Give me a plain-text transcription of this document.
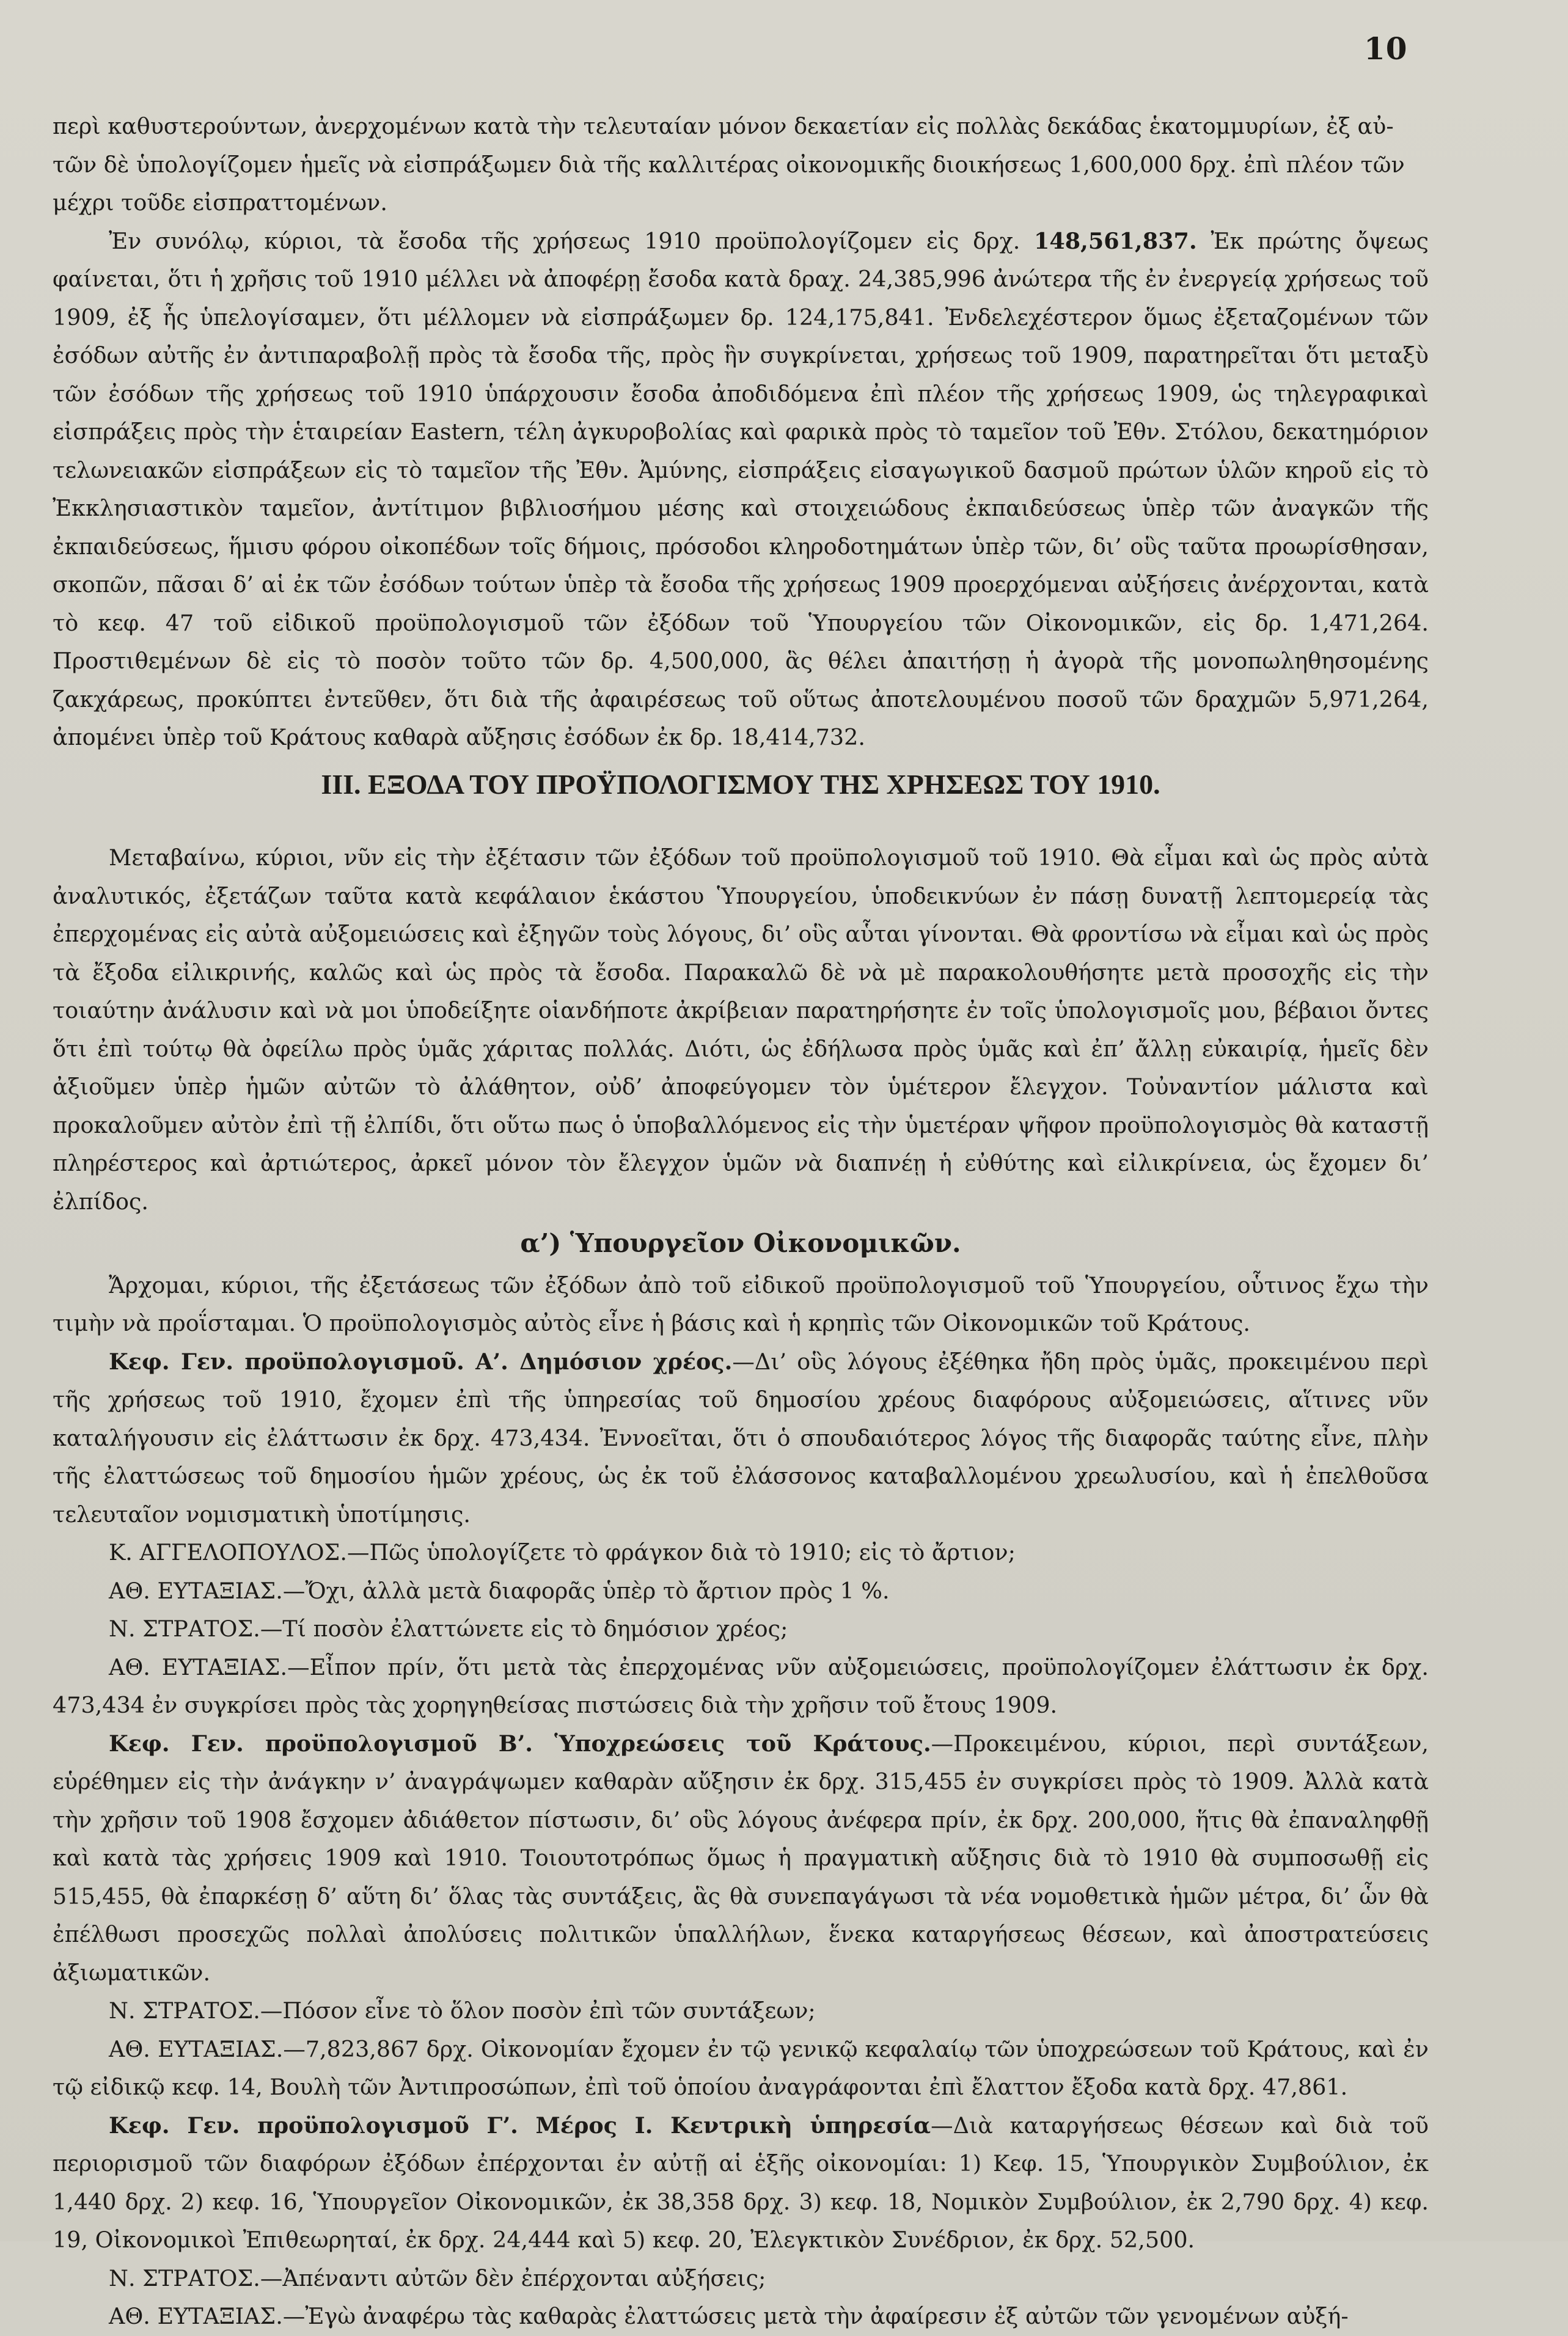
10

περὶ καθυστερούντων, ἀνερχομένων κατὰ τὴν τελευταίαν μόνον δεκαετίαν εἰς πολλὰς δεκάδας ἑκατομμυρίων, ἐξ αὐ-

τῶν δὲ ὑπολογίζομεν ἡμεῖς νὰ εἰσπράξωμεν διὰ τῆς καλλιτέρας οἰκονομικῆς διοικήσεως 1,600,000 δρχ. ἐπὶ πλέον τῶν

μέχρι τοῦδε εἰσπραττομένων.

Ἐν συνόλῳ, κύριοι, τὰ ἔσοδα τῆς χρήσεως 1910 προϋπολογίζομεν εἰς δρχ. 148,561,837. Ἐκ πρώτης ὄψεως φαίνεται, ὅτι ἡ χρῆσις τοῦ 1910 μέλλει νὰ ἀποφέρῃ ἔσοδα κατὰ δραχ. 24,385,996 ἀνώτερα τῆς ἐν ἐνεργείᾳ χρήσεως τοῦ 1909, ἐξ ἧς ὑπελογίσαμεν, ὅτι μέλλομεν νὰ εἰσπράξωμεν δρ. 124,175,841. Ἐνδελεχέστερον ὅμως ἐξεταζομένων τῶν ἐσόδων αὐτῆς ἐν ἀντιπαραβολῇ πρὸς τὰ ἔσοδα τῆς, πρὸς ἣν συγκρίνεται, χρήσεως τοῦ 1909, παρατηρεῖται ὅτι μεταξὺ τῶν ἐσόδων τῆς χρήσεως τοῦ 1910 ὑπάρχουσιν ἔσοδα ἀποδιδόμενα ἐπὶ πλέον τῆς χρήσεως 1909, ὡς τηλεγραφικαὶ εἰσπράξεις πρὸς τὴν ἑταιρείαν Eastern, τέλη ἀγκυροβολίας καὶ φαρικὰ πρὸς τὸ ταμεῖον τοῦ Ἐθν. Στόλου, δεκατημόριον τελωνειακῶν εἰσπράξεων εἰς τὸ ταμεῖον τῆς Ἐθν. Ἀμύνης, εἰσπράξεις εἰσαγωγικοῦ δασμοῦ πρώτων ὑλῶν κηροῦ εἰς τὸ Ἐκκλησιαστικὸν ταμεῖον, ἀντίτιμον βιβλιοσήμου μέσης καὶ στοιχειώδους ἐκπαιδεύσεως ὑπὲρ τῶν ἀναγκῶν τῆς ἐκπαιδεύσεως, ἥμισυ φόρου οἰκοπέδων τοῖς δήμοις, πρόσοδοι κληροδοτημάτων ὑπὲρ τῶν, δι’ οὓς ταῦτα προωρίσθησαν, σκοπῶν, πᾶσαι δ’ αἱ ἐκ τῶν ἐσόδων τούτων ὑπὲρ τὰ ἔσοδα τῆς χρήσεως 1909 προερχόμεναι αὐξήσεις ἀνέρχονται, κατὰ τὸ κεφ. 47 τοῦ εἰδικοῦ προϋπολογισμοῦ τῶν ἐξόδων τοῦ Ὑπουργείου τῶν Οἰκονομικῶν, εἰς δρ. 1,471,264. Προστιθεμένων δὲ εἰς τὸ ποσὸν τοῦτο τῶν δρ. 4,500,000, ἃς θέλει ἀπαιτήσῃ ἡ ἀγορὰ τῆς μονοπωληθησομένης ζακχάρεως, προκύπτει ἐντεῦθεν, ὅτι διὰ τῆς ἀφαιρέσεως τοῦ οὕτως ἀποτελουμένου ποσοῦ τῶν δραχμῶν 5,971,264, ἀπομένει ὑπὲρ τοῦ Κράτους καθαρὰ αὔξησις ἐσόδων ἐκ δρ. 18,414,732.

ΙΙΙ. ΕΞΟΔΑ ΤΟΥ ΠΡΟΫΠΟΛΟΓΙΣΜΟΥ ΤΗΣ ΧΡΗΣΕΩΣ ΤΟΥ 1910.

Μεταβαίνω, κύριοι, νῦν εἰς τὴν ἐξέτασιν τῶν ἐξόδων τοῦ προϋπολογισμοῦ τοῦ 1910. Θὰ εἶμαι καὶ ὡς πρὸς αὐτὰ ἀναλυτικός, ἐξετάζων ταῦτα κατὰ κεφάλαιον ἑκάστου Ὑπουργείου, ὑποδεικνύων ἐν πάσῃ δυνατῇ λεπτομερείᾳ τὰς ἐπερχομένας εἰς αὐτὰ αὐξομειώσεις καὶ ἐξηγῶν τοὺς λόγους, δι’ οὓς αὗται γίνονται. Θὰ φροντίσω νὰ εἶμαι καὶ ὡς πρὸς τὰ ἔξοδα εἰλικρινής, καλῶς καὶ ὡς πρὸς τὰ ἔσοδα. Παρακαλῶ δὲ νὰ μὲ παρακολουθήσητε μετὰ προσοχῆς εἰς τὴν τοιαύτην ἀνάλυσιν καὶ νὰ μοι ὑποδείξητε οἱανδήποτε ἀκρίβειαν παρατηρήσητε ἐν τοῖς ὑπολογισμοῖς μου, βέβαιοι ὄντες ὅτι ἐπὶ τούτῳ θὰ ὀφείλω πρὸς ὑμᾶς χάριτας πολλάς. Διότι, ὡς ἐδήλωσα πρὸς ὑμᾶς καὶ ἐπ’ ἄλλῃ εὐκαιρίᾳ, ἡμεῖς δὲν ἀξιοῦμεν ὑπὲρ ἡμῶν αὐτῶν τὸ ἀλάθητον, οὐδ’ ἀποφεύγομεν τὸν ὑμέτερον ἔλεγχον. Τοὐναντίον μάλιστα καὶ προκαλοῦμεν αὐτὸν ἐπὶ τῇ ἐλπίδι, ὅτι οὕτω πως ὁ ὑποβαλλόμενος εἰς τὴν ὑμετέραν ψῆφον προϋπολογισμὸς θὰ καταστῇ πληρέστερος καὶ ἀρτιώτερος, ἀρκεῖ μόνον τὸν ἔλεγχον ὑμῶν νὰ διαπνέῃ ἡ εὐθύτης καὶ εἰλικρίνεια, ὡς ἔχομεν δι’ ἐλπίδος.

α’) Ὑπουργεῖον Οἰκονομικῶν.

Ἄρχομαι, κύριοι, τῆς ἐξετάσεως τῶν ἐξόδων ἀπὸ τοῦ εἰδικοῦ προϋπολογισμοῦ τοῦ Ὑπουργείου, οὗτινος ἔχω τὴν τιμὴν νὰ προΐσταμαι. Ὁ προϋπολογισμὸς αὐτὸς εἶνε ἡ βάσις καὶ ἡ κρηπὶς τῶν Οἰκονομικῶν τοῦ Κράτους.

Κεφ. Γεν. προϋπολογισμοῦ. Α’. Δημόσιον χρέος.—Δι’ οὓς λόγους ἐξέθηκα ἤδη πρὸς ὑμᾶς, προκειμένου περὶ τῆς χρήσεως τοῦ 1910, ἔχομεν ἐπὶ τῆς ὑπηρεσίας τοῦ δημοσίου χρέους διαφόρους αὐξομειώσεις, αἵτινες νῦν καταλήγουσιν εἰς ἐλάττωσιν ἐκ δρχ. 473,434. Ἐννοεῖται, ὅτι ὁ σπουδαιότερος λόγος τῆς διαφορᾶς ταύτης εἶνε, πλὴν τῆς ἐλαττώσεως τοῦ δημοσίου ἡμῶν χρέους, ὡς ἐκ τοῦ ἐλάσσονος καταβαλλομένου χρεωλυσίου, καὶ ἡ ἐπελθοῦσα τελευταῖον νομισματικὴ ὑποτίμησις.

Κ. ΑΓΓΕΛΟΠΟΥΛΟΣ.—Πῶς ὑπολογίζετε τὸ φράγκον διὰ τὸ 1910; εἰς τὸ ἄρτιον;

ΑΘ. ΕΥΤΑΞΙΑΣ.—Ὄχι, ἀλλὰ μετὰ διαφορᾶς ὑπὲρ τὸ ἄρτιον πρὸς 1 %.

Ν. ΣΤΡΑΤΟΣ.—Τί ποσὸν ἐλαττώνετε εἰς τὸ δημόσιον χρέος;

ΑΘ. ΕΥΤΑΞΙΑΣ.—Εἶπον πρίν, ὅτι μετὰ τὰς ἐπερχομένας νῦν αὐξομειώσεις, προϋπολογίζομεν ἐλάττωσιν ἐκ δρχ. 473,434 ἐν συγκρίσει πρὸς τὰς χορηγηθείσας πιστώσεις διὰ τὴν χρῆσιν τοῦ ἔτους 1909.

Κεφ. Γεν. προϋπολογισμοῦ Β’. Ὑποχρεώσεις τοῦ Κράτους.—Προκειμένου, κύριοι, περὶ συντάξεων, εὑρέθημεν εἰς τὴν ἀνάγκην ν’ ἀναγράψωμεν καθαρὰν αὔξησιν ἐκ δρχ. 315,455 ἐν συγκρίσει πρὸς τὸ 1909. Ἀλλὰ κατὰ τὴν χρῆσιν τοῦ 1908 ἔσχομεν ἀδιάθετον πίστωσιν, δι’ οὓς λόγους ἀνέφερα πρίν, ἐκ δρχ. 200,000, ἥτις θὰ ἐπαναληφθῇ καὶ κατὰ τὰς χρήσεις 1909 καὶ 1910. Τοιουτοτρόπως ὅμως ἡ πραγματικὴ αὔξησις διὰ τὸ 1910 θὰ συμποσωθῇ εἰς 515,455, θὰ ἐπαρκέσῃ δ’ αὕτη δι’ ὅλας τὰς συντάξεις, ἃς θὰ συνεπαγάγωσι τὰ νέα νομοθετικὰ ἡμῶν μέτρα, δι’ ὧν θὰ ἐπέλθωσι προσεχῶς πολλαὶ ἀπολύσεις πολιτικῶν ὑπαλλήλων, ἕνεκα καταργήσεως θέσεων, καὶ ἀποστρατεύσεις ἀξιωματικῶν.

Ν. ΣΤΡΑΤΟΣ.—Πόσον εἶνε τὸ ὅλον ποσὸν ἐπὶ τῶν συντάξεων;

ΑΘ. ΕΥΤΑΞΙΑΣ.—7,823,867 δρχ. Οἰκονομίαν ἔχομεν ἐν τῷ γενικῷ κεφαλαίῳ τῶν ὑποχρεώσεων τοῦ Κράτους, καὶ ἐν τῷ εἰδικῷ κεφ. 14, Βουλὴ τῶν Ἀντιπροσώπων, ἐπὶ τοῦ ὁποίου ἀναγράφονται ἐπὶ ἔλαττον ἔξοδα κατὰ δρχ. 47,861.

Κεφ. Γεν. προϋπολογισμοῦ Γ’. Μέρος Ι. Κεντρικὴ ὑπηρεσία—Διὰ καταργήσεως θέσεων καὶ διὰ τοῦ περιορισμοῦ τῶν διαφόρων ἐξόδων ἐπέρχονται ἐν αὐτῇ αἱ ἑξῆς οἰκονομίαι: 1) Κεφ. 15, Ὑπουργικὸν Συμβούλιον, ἐκ 1,440 δρχ. 2) κεφ. 16, Ὑπουργεῖον Οἰκονομικῶν, ἐκ 38,358 δρχ. 3) κεφ. 18, Νομικὸν Συμβούλιον, ἐκ 2,790 δρχ. 4) κεφ. 19, Οἰκονομικοὶ Ἐπιθεωρηταί, ἐκ δρχ. 24,444 καὶ 5) κεφ. 20, Ἐλεγκτικὸν Συνέδριον, ἐκ δρχ. 52,500.

Ν. ΣΤΡΑΤΟΣ.—Ἀπέναντι αὐτῶν δὲν ἐπέρχονται αὐξήσεις;

ΑΘ. ΕΥΤΑΞΙΑΣ.—Ἐγὼ ἀναφέρω τὰς καθαρὰς ἐλαττώσεις μετὰ τὴν ἀφαίρεσιν ἐξ αὐτῶν τῶν γενομένων αὐξή-
